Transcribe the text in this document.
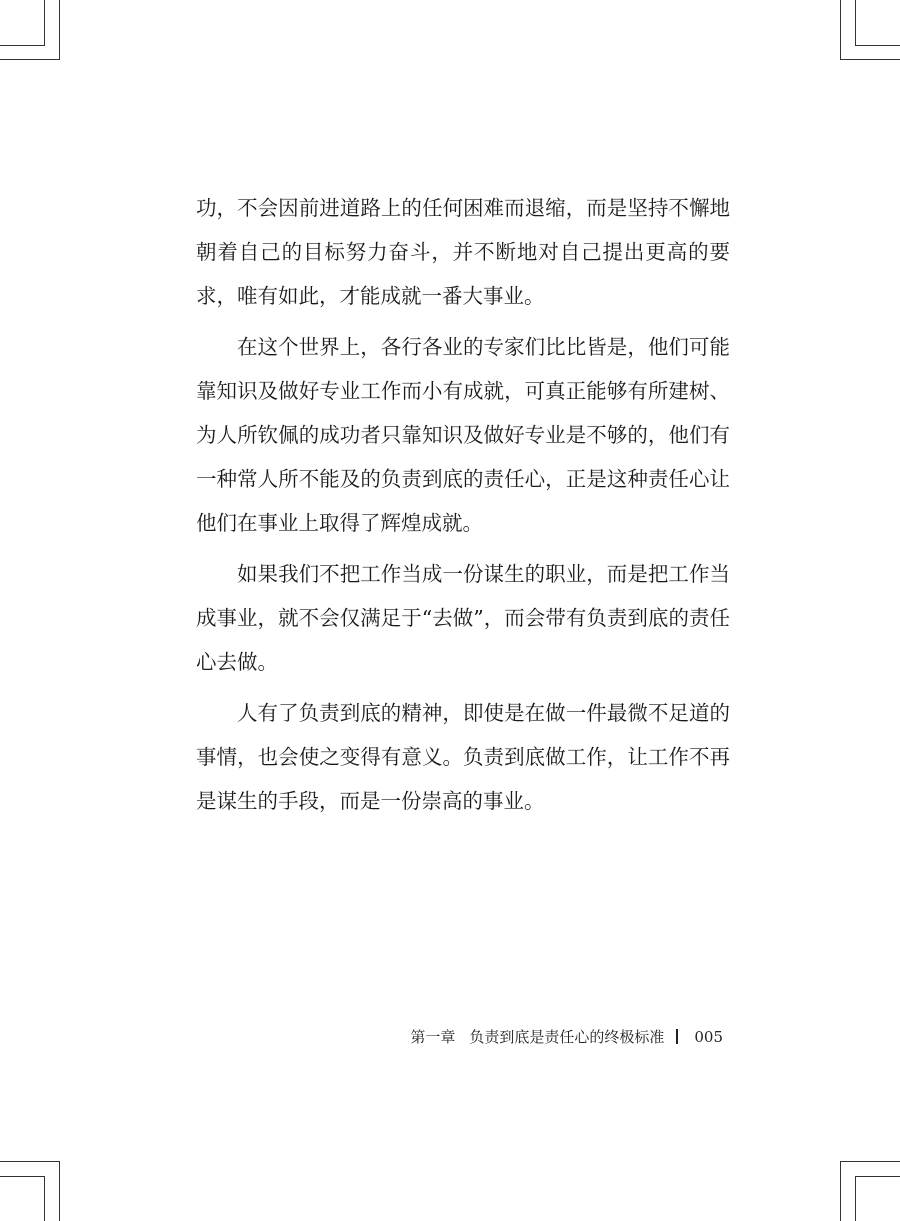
功，不会因前进道路上的任何困难而退缩，而是坚持不懈地朝着自己的目标努力奋斗，并不断地对自己提出更高的要求，唯有如此，才能成就一番大事业。

在这个世界上，各行各业的专家们比比皆是，他们可能靠知识及做好专业工作而小有成就，可真正能够有所建树、为人所钦佩的成功者只靠知识及做好专业是不够的，他们有一种常人所不能及的负责到底的责任心，正是这种责任心让他们在事业上取得了辉煌成就。

如果我们不把工作当成一份谋生的职业，而是把工作当成事业，就不会仅满足于“去做”，而会带有负责到底的责任心去做。

人有了负责到底的精神，即使是在做一件最微不足道的事情，也会使之变得有意义。负责到底做工作，让工作不再是谋生的手段，而是一份崇高的事业。

第一章 负责到底是责任心的终极标准 005
